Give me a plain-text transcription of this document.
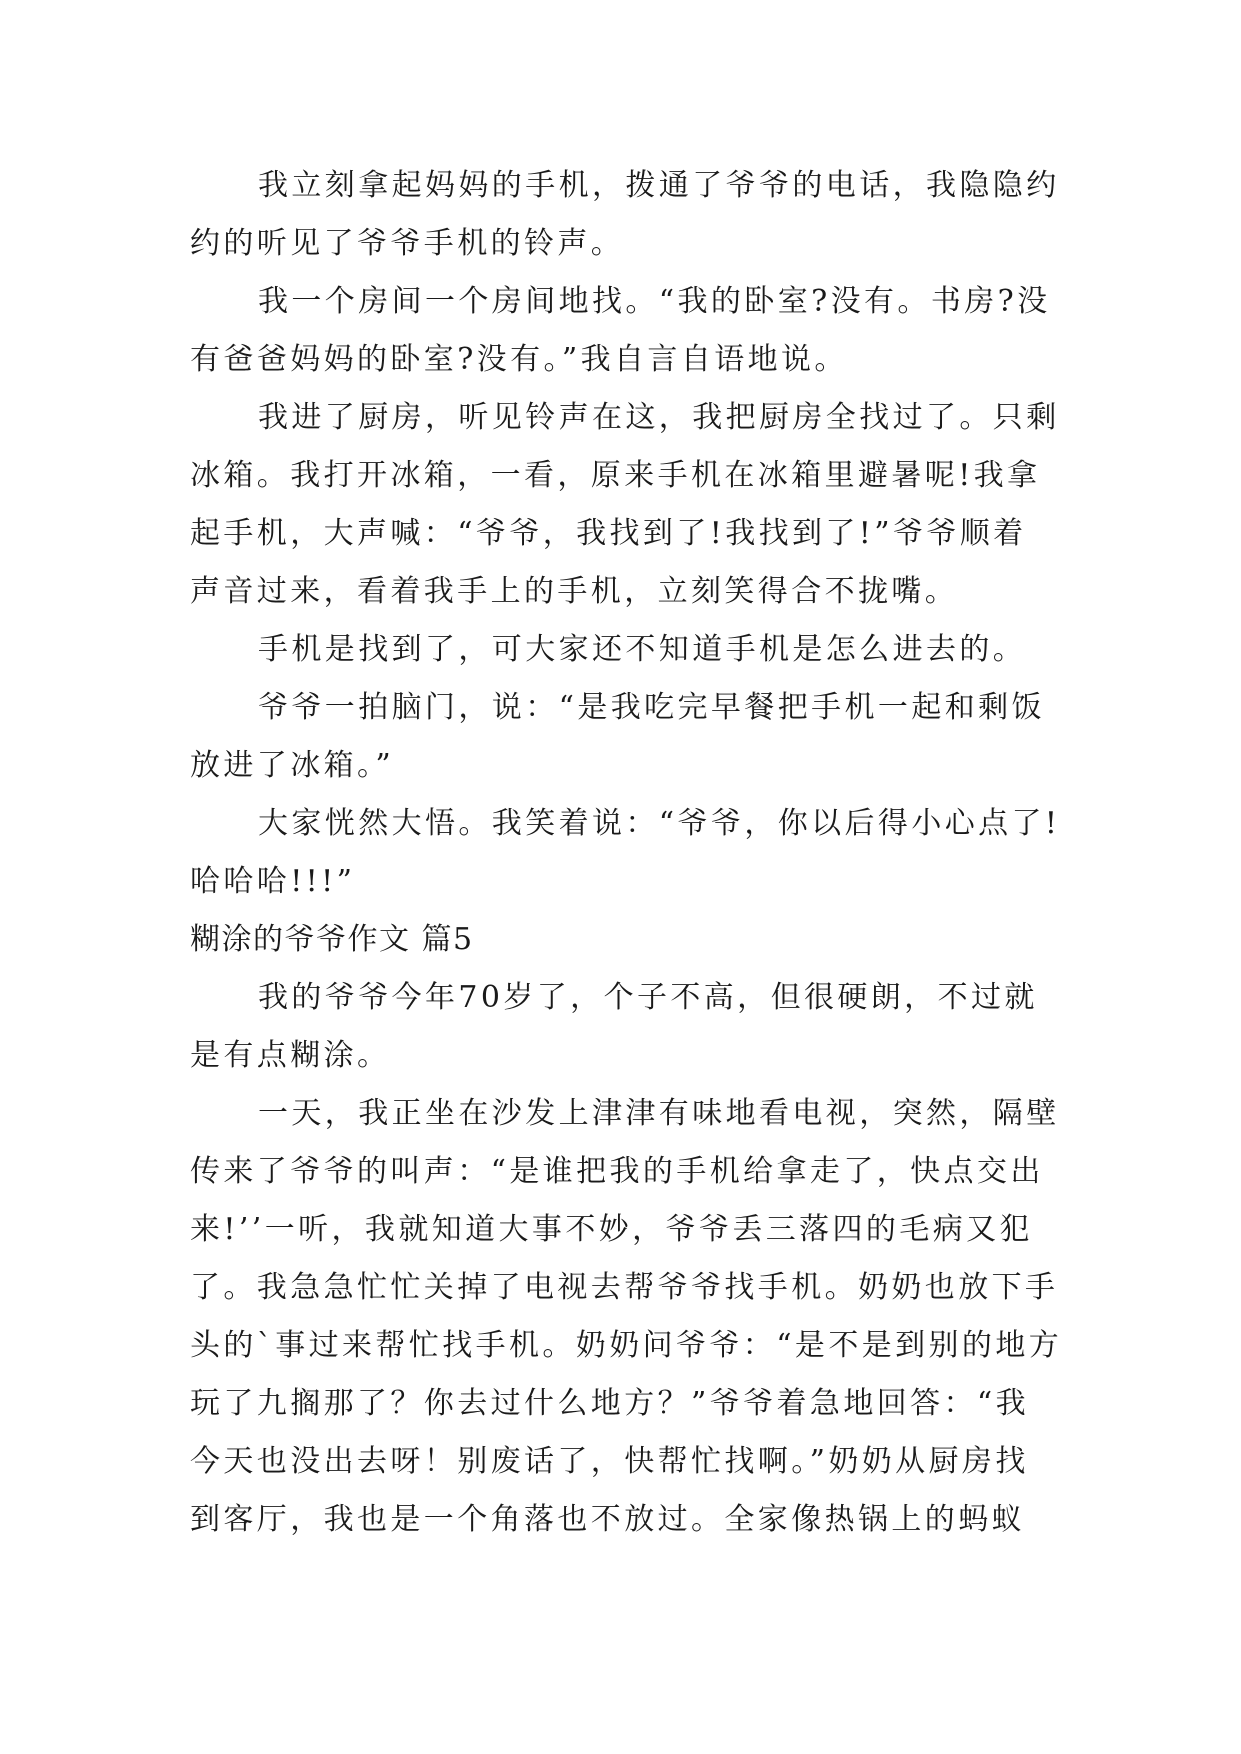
我立刻拿起妈妈的手机，拨通了爷爷的电话，我隐隐约
约的听见了爷爷手机的铃声。
我一个房间一个房间地找。“我的卧室?没有。书房?没
有爸爸妈妈的卧室?没有。”我自言自语地说。
我进了厨房，听见铃声在这，我把厨房全找过了。只剩
冰箱。我打开冰箱，一看，原来手机在冰箱里避暑呢!我拿
起手机，大声喊：“爷爷，我找到了!我找到了!”爷爷顺着
声音过来，看着我手上的手机，立刻笑得合不拢嘴。
手机是找到了，可大家还不知道手机是怎么进去的。
爷爷一拍脑门，说：“是我吃完早餐把手机一起和剩饭
放进了冰箱。”
大家恍然大悟。我笑着说：“爷爷，你以后得小心点了!
哈哈哈!!!”
糊涂的爷爷作文 篇5
我的爷爷今年70岁了，个子不高，但很硬朗，不过就
是有点糊涂。
一天，我正坐在沙发上津津有味地看电视，突然，隔壁
传来了爷爷的叫声：“是谁把我的手机给拿走了，快点交出
来!’’一听，我就知道大事不妙，爷爷丢三落四的毛病又犯
了。我急急忙忙关掉了电视去帮爷爷找手机。奶奶也放下手
头的`事过来帮忙找手机。奶奶问爷爷：“是不是到别的地方
玩了九搁那了？你去过什么地方？”爷爷着急地回答：“我
今天也没出去呀！别废话了，快帮忙找啊。”奶奶从厨房找
到客厅，我也是一个角落也不放过。全家像热锅上的蚂蚁
